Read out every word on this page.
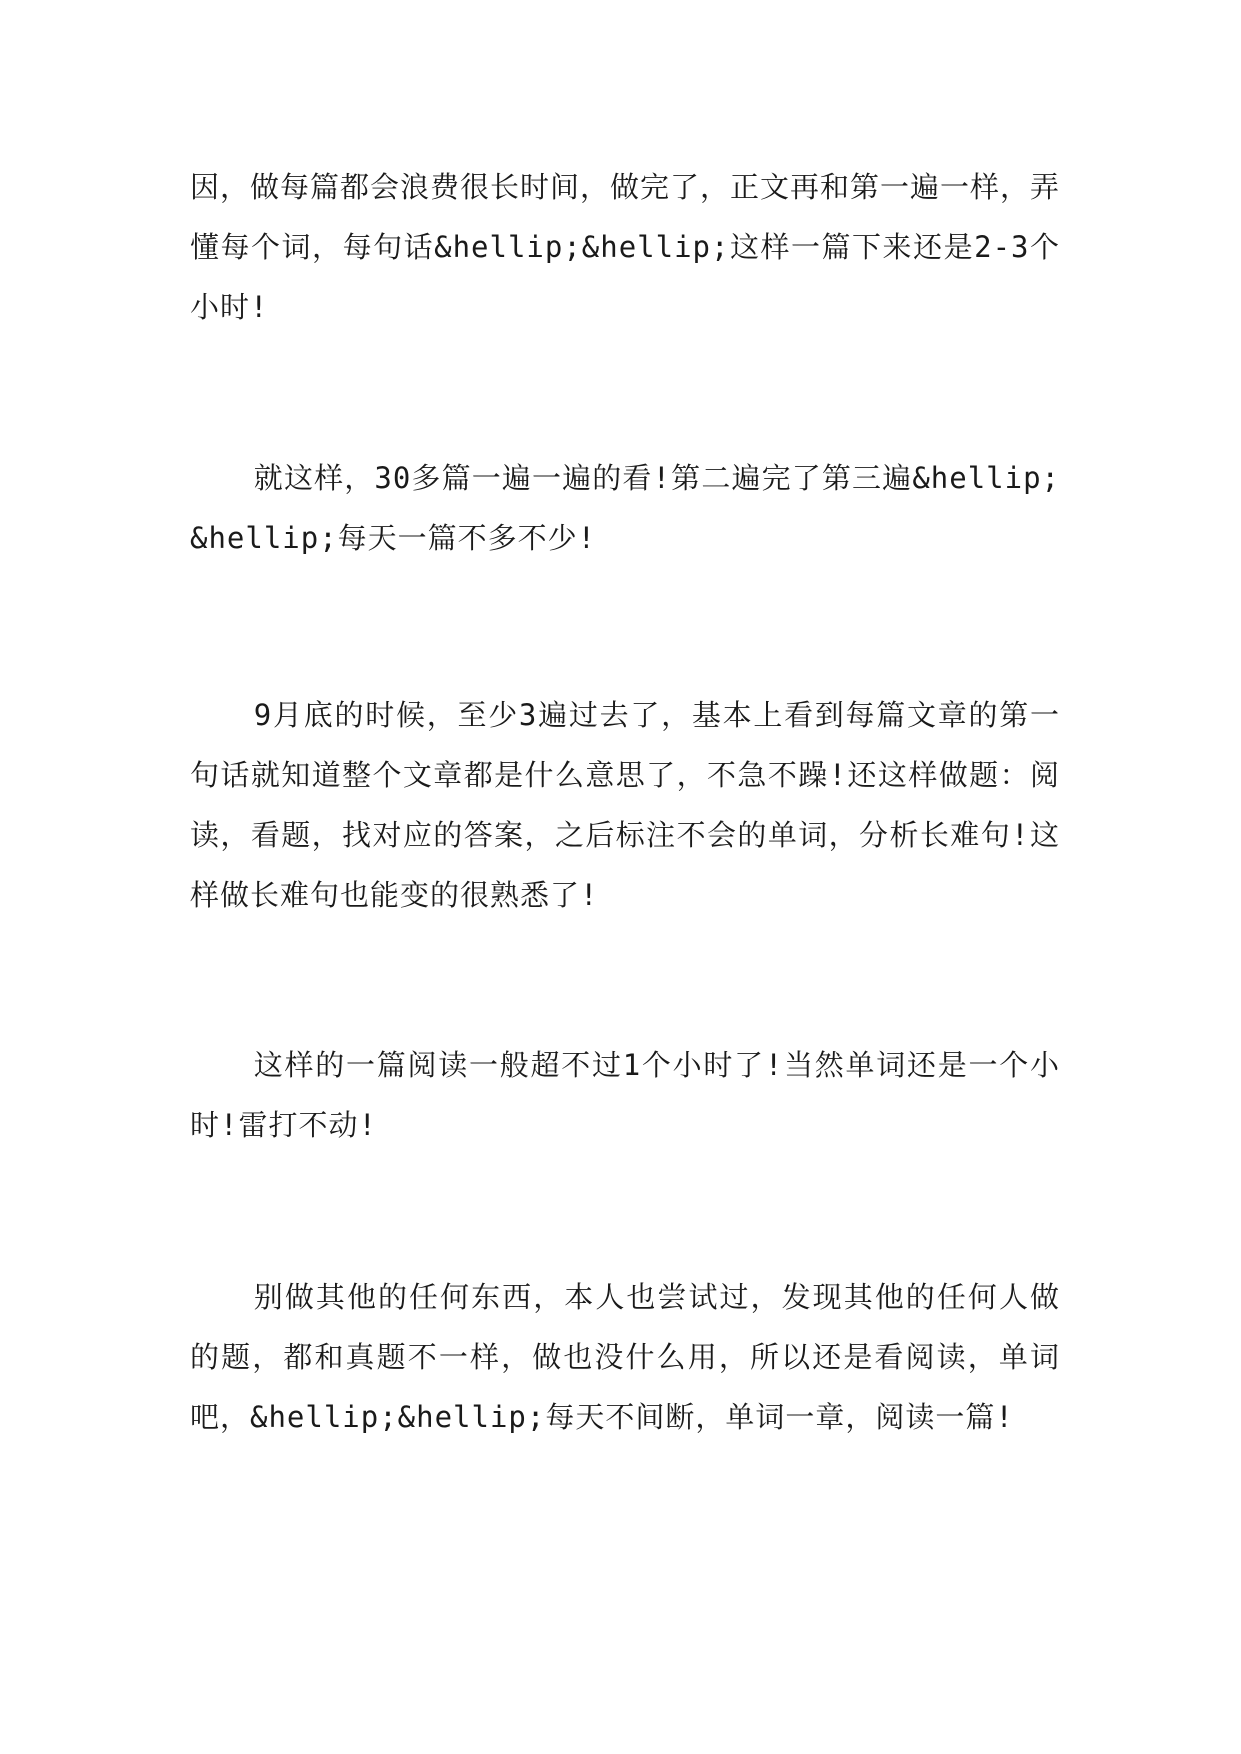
因，做每篇都会浪费很长时间，做完了，正文再和第一遍一样，弄懂每个词，每句话&hellip;&hellip;这样一篇下来还是2-3个小时!

就这样，30多篇一遍一遍的看!第二遍完了第三遍&hellip;&hellip;每天一篇不多不少!

9月底的时候，至少3遍过去了，基本上看到每篇文章的第一句话就知道整个文章都是什么意思了，不急不躁!还这样做题：阅读，看题，找对应的答案，之后标注不会的单词，分析长难句!这样做长难句也能变的很熟悉了!

这样的一篇阅读一般超不过1个小时了!当然单词还是一个小时!雷打不动!

别做其他的任何东西，本人也尝试过，发现其他的任何人做的题，都和真题不一样，做也没什么用，所以还是看阅读，单词吧，&hellip;&hellip;每天不间断，单词一章，阅读一篇!
